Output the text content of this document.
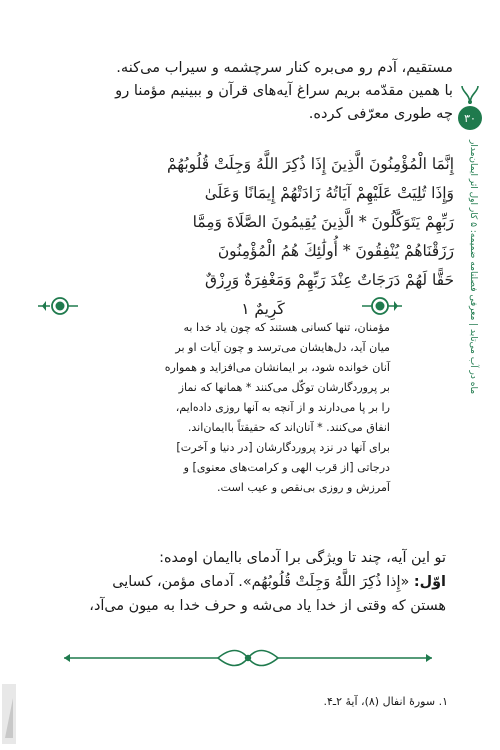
۳۰
ماه در آب می‌تابد | معرفی فصلنامه ضمیمه: ۵ کار اول اثر ایمان‌مدار
مستقیم، آدم رو می‌بره کنار سرچشمه و سیراب می‌کنه.
با همین مقدّمه بریم سراغ آیه‌های قرآن و ببینیم مؤمنا رو
چه طوری معرّفی کرده.
إِنَّمَا الْمُؤْمِنُونَ الَّذِينَ إِذَا ذُكِرَ اللَّهُ وَجِلَتْ قُلُوبُهُمْ
وَإِذَا تُلِيَتْ عَلَيْهِمْ آيَاتُهُ زَادَتْهُمْ إِيمَانًا وَعَلَىٰ
رَبِّهِمْ يَتَوَكَّلُونَ * الَّذِينَ يُقِيمُونَ الصَّلَاةَ وَمِمَّا
رَزَقْنَاهُمْ يُنْفِقُونَ * أُولَٰئِكَ هُمُ الْمُؤْمِنُونَ
حَقًّا لَهُمْ دَرَجَاتٌ عِنْدَ رَبِّهِمْ وَمَغْفِرَةٌ وَرِزْقٌ
كَرِيمٌ ١
مؤمنان، تنها کسانی هستند که چون یاد خدا به
میان آید، دل‌هایشان می‌ترسد و چون آیات او بر
آنان خوانده شود، بر ایمانشان می‌افزاید و همواره
بر پروردگارشان توکّل می‌کنند * همانها که نماز
را بر پا می‌دارند و از آنچه به آنها روزی داده‌ایم،
انفاق می‌کنند. * آنان‌اند که حقیقتاً باایمان‌اند.
برای آنها در نزد پروردگارشان [در دنیا و آخرت]
درجاتی [از قرب الهی و کرامت‌های معنوی] و
آمرزش و روزی بی‌نقص و عیب است.
تو این آیه، چند تا ویژگی برا آدمای باایمان اومده:
اوّل: «إِذا ذُكِرَ اللَّهُ وَجِلَتْ قُلُوبُهُم». آدمای مؤمن، کسایی
هستن که وقتی از خدا یاد می‌شه و حرف خدا به میون می‌آد،
۱. سورهٔ انفال (۸)، آیهٔ ۲ـ۴.
